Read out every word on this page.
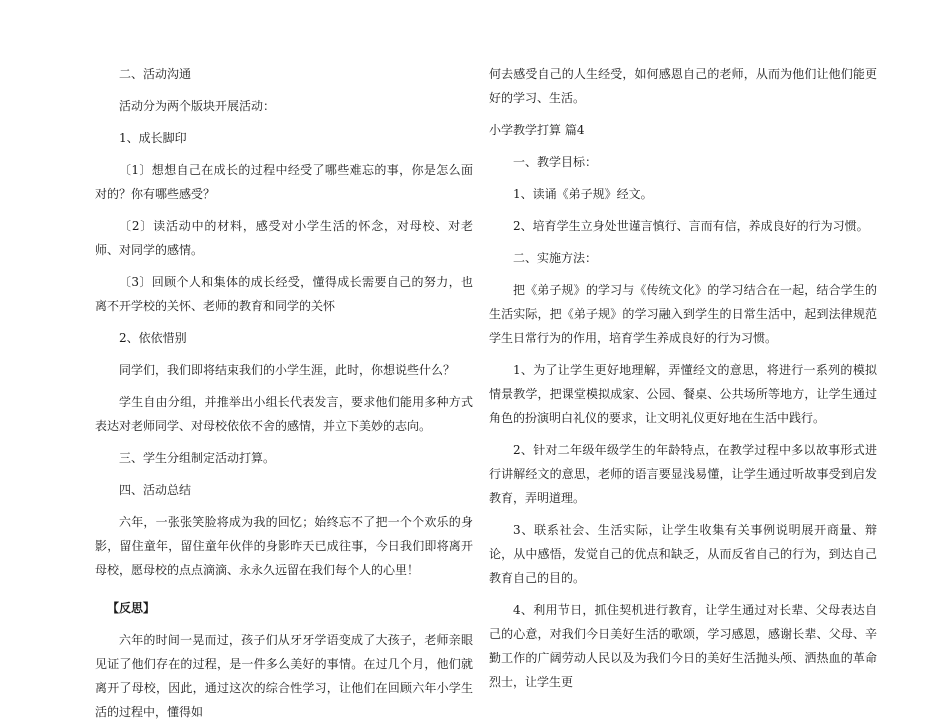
二、活动沟通

活动分为两个版块开展活动：

1、成长脚印

〔1〕想想自己在成长的过程中经受了哪些难忘的事，你是怎么面对的？你有哪些感受？

〔2〕读活动中的材料，感受对小学生活的怀念，对母校、对老师、对同学的感情。

〔3〕回顾个人和集体的成长经受，懂得成长需要自己的努力，也离不开学校的关怀、老师的教育和同学的关怀

2、依依惜别

同学们，我们即将结束我们的小学生涯，此时，你想说些什么？

学生自由分组，并推举出小组长代表发言，要求他们能用多种方式表达对老师同学、对母校依依不舍的感情，并立下美妙的志向。

三、学生分组制定活动打算。

四、活动总结

六年，一张张笑脸将成为我的回忆；始终忘不了把一个个欢乐的身影，留住童年，留住童年伙伴的身影昨天已成往事，今日我们即将离开母校，愿母校的点点滴滴、永永久远留在我们每个人的心里！

【反思】

六年的时间一晃而过，孩子们从牙牙学语变成了大孩子，老师亲眼见证了他们存在的过程，是一件多么美好的事情。在过几个月，他们就离开了母校，因此，通过这次的综合性学习，让他们在回顾六年小学生活的过程中，懂得如

何去感受自己的人生经受，如何感恩自己的老师，从而为他们让他们能更好的学习、生活。

小学教学打算 篇4

一、教学目标：

1、读诵《弟子规》经文。

2、培育学生立身处世谨言慎行、言而有信，养成良好的行为习惯。

二、实施方法：

把《弟子规》的学习与《传统文化》的学习结合在一起，结合学生的生活实际，把《弟子规》的学习融入到学生的日常生活中，起到法律规范学生日常行为的作用，培育学生养成良好的行为习惯。

1、为了让学生更好地理解，弄懂经文的意思，将进行一系列的模拟情景教学，把课堂模拟成家、公园、餐桌、公共场所等地方，让学生通过角色的扮演明白礼仪的要求，让文明礼仪更好地在生活中践行。

2、针对二年级年级学生的年龄特点，在教学过程中多以故事形式进行讲解经文的意思，老师的语言要显浅易懂，让学生通过听故事受到启发教育，弄明道理。

3、联系社会、生活实际，让学生收集有关事例说明展开商量、辩论，从中感悟，发觉自己的优点和缺乏，从而反省自己的行为，到达自己教育自己的目的。

4、利用节日，抓住契机进行教育，让学生通过对长辈、父母表达自己的心意，对我们今日美好生活的歌颂，学习感恩，感谢长辈、父母、辛勤工作的广阔劳动人民以及为我们今日的美好生活抛头颅、洒热血的革命烈士，让学生更
